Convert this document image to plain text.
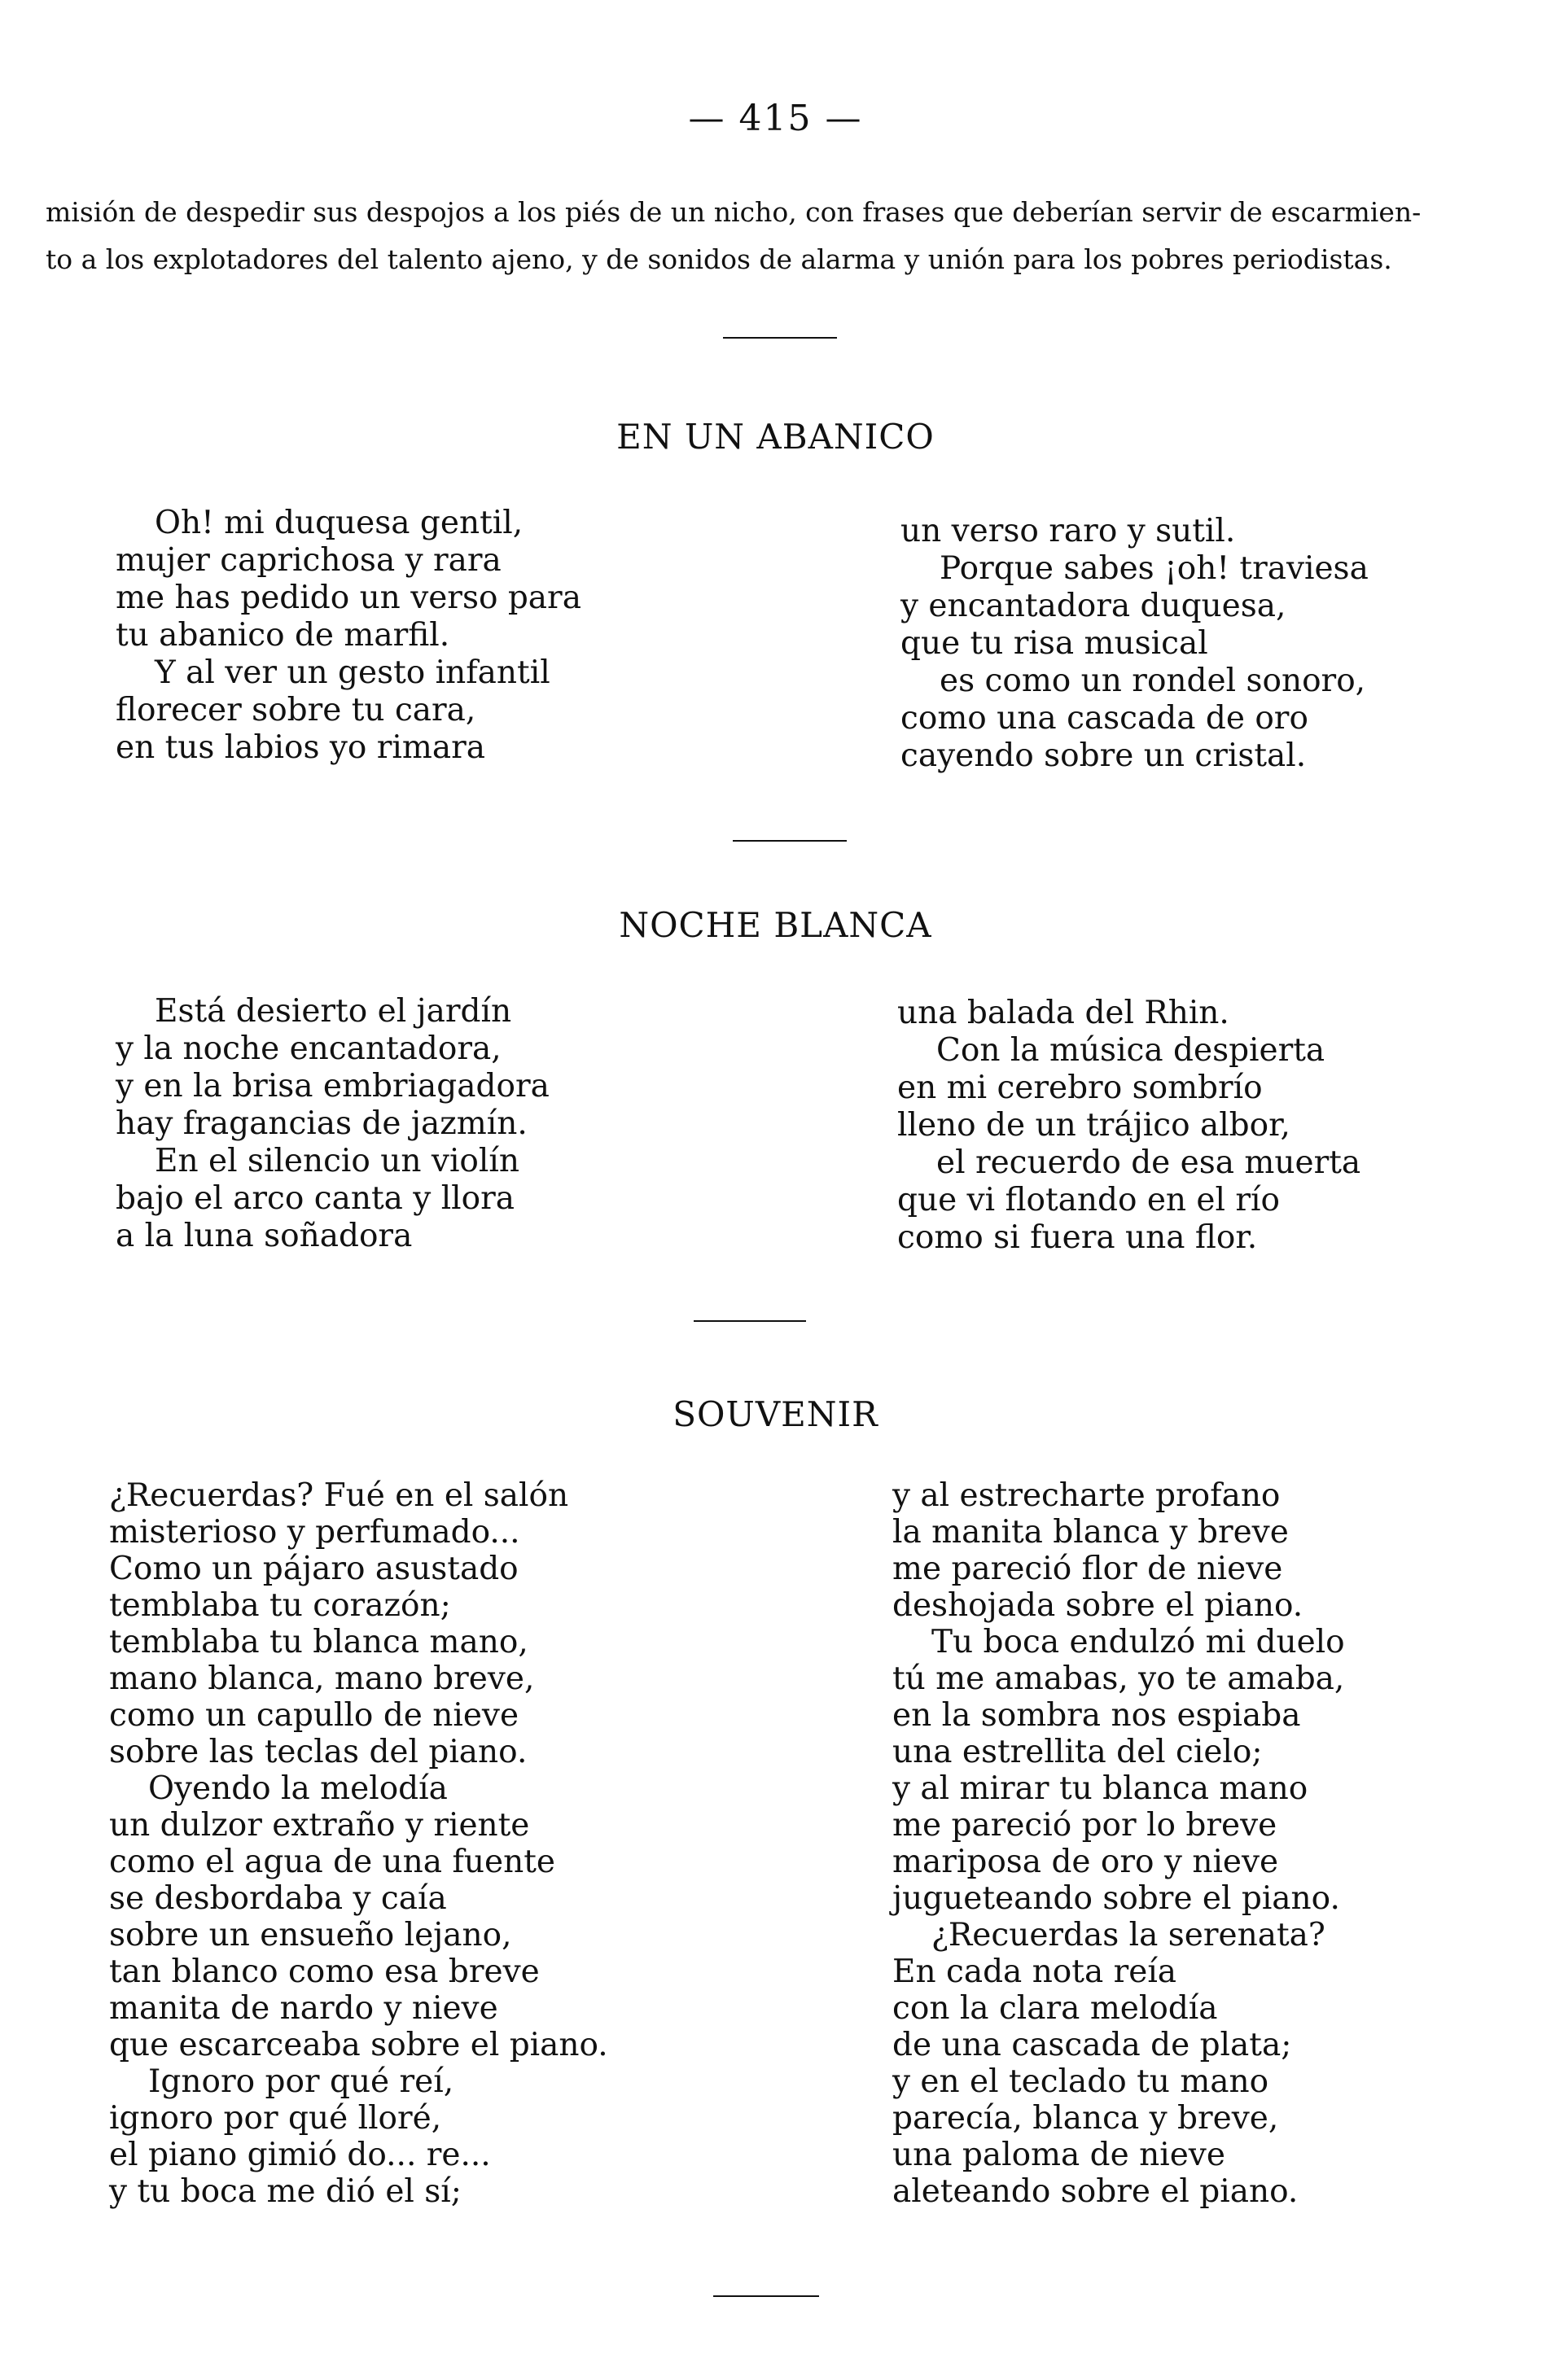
— 415 —
misión de despedir sus despojos a los piés de un nicho, con frases que deberían servir de escarmien-
to a los explotadores del talento ajeno, y de sonidos de alarma y unión para los pobres periodistas.
EN UN ABANICO

Oh! mi duquesa gentil,

mujer caprichosa y rara

me has pedido un verso para

tu abanico de marfil.

Y al ver un gesto infantil

florecer sobre tu cara,

en tus labios yo rimara

un verso raro y sutil.

Porque sabes ¡oh! traviesa

y encantadora duquesa,

que tu risa musical

es como un rondel sonoro,

como una cascada de oro

cayendo sobre un cristal.

NOCHE BLANCA

Está desierto el jardín

y la noche encantadora,

y en la brisa embriagadora

hay fragancias de jazmín.

En el silencio un violín

bajo el arco canta y llora

a la luna soñadora

una balada del Rhin.

Con la música despierta

en mi cerebro sombrío

lleno de un trájico albor,

el recuerdo de esa muerta

que vi flotando en el río

como si fuera una flor.

SOUVENIR

¿Recuerdas? Fué en el salón

misterioso y perfumado...

Como un pájaro asustado

temblaba tu corazón;

temblaba tu blanca mano,

mano blanca, mano breve,

como un capullo de nieve

sobre las teclas del piano.

Oyendo la melodía

un dulzor extraño y riente

como el agua de una fuente

se desbordaba y caía

sobre un ensueño lejano,

tan blanco como esa breve

manita de nardo y nieve

que escarceaba sobre el piano.

Ignoro por qué reí,

ignoro por qué lloré,

el piano gimió do... re...

y tu boca me dió el sí;

y al estrecharte profano

la manita blanca y breve

me pareció flor de nieve

deshojada sobre el piano.

Tu boca endulzó mi duelo

tú me amabas, yo te amaba,

en la sombra nos espiaba

una estrellita del cielo;

y al mirar tu blanca mano

me pareció por lo breve

mariposa de oro y nieve

jugueteando sobre el piano.

¿Recuerdas la serenata?

En cada nota reía

con la clara melodía

de una cascada de plata;

y en el teclado tu mano

parecía, blanca y breve,

una paloma de nieve

aleteando sobre el piano.
